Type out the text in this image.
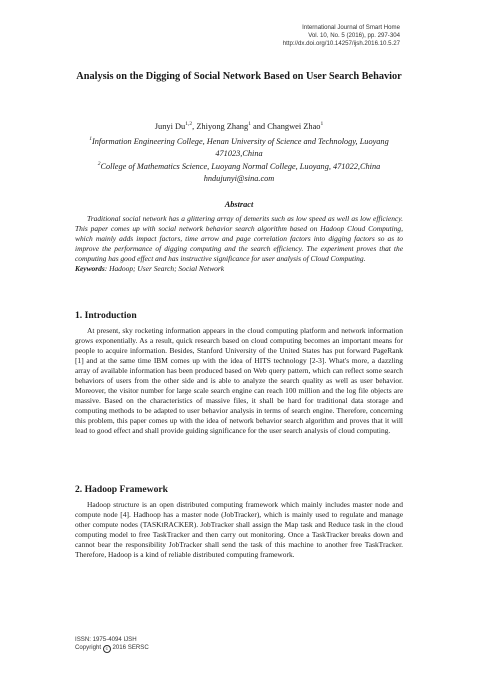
International Journal of Smart Home
Vol. 10, No. 5 (2016), pp. 297-304
http://dx.doi.org/10.14257/ijsh.2016.10.5.27
Analysis on the Digging of Social Network Based on User Search Behavior
Junyi Du$^{1,2}$, Zhiyong Zhang$^1$ and Changwei Zhao$^1$
$^1$Information Engineering College, Henan University of Science and Technology, Luoyang 471023,China
$^2$College of Mathematics Science, Luoyang Normal College, Luoyang, 471022,China
hndujunyi@sina.com
Abstract
Traditional social network has a glittering array of demerits such as low speed as well as low efficiency. This paper comes up with social network behavior search algorithm based on Hadoop Cloud Computing, which mainly adds impact factors, time arrow and page correlation factors into digging factors so as to improve the performance of digging computing and the search efficiency. The experiment proves that the computing has good effect and has instructive significance for user analysis of Cloud Computing.
Keywords: Hadoop; User Search; Social Network
1. Introduction

At present, sky rocketing information appears in the cloud computing platform and network information grows exponentially. As a result, quick research based on cloud computing becomes an important means for people to acquire information. Besides, Stanford University of the United States has put forward PageRank [1] and at the same time IBM comes up with the idea of HITS technology [2-3]. What's more, a dazzling array of available information has been produced based on Web query pattern, which can reflect some search behaviors of users from the other side and is able to analyze the search quality as well as user behavior. Moreover, the visitor number for large scale search engine can reach 100 million and the log file objects are massive. Based on the characteristics of massive files, it shall be hard for traditional data storage and computing methods to be adapted to user behavior analysis in terms of search engine. Therefore, concerning this problem, this paper comes up with the idea of network behavior search algorithm and proves that it will lead to good effect and shall provide guiding significance for the user search analysis of cloud computing.

2. Hadoop Framework

Hadoop structure is an open distributed computing framework which mainly includes master node and compute node [4]. Hadhoop has a master node (JobTracker), which is mainly used to regulate and manage other compute nodes (TASKtRACKER). JobTracker shall assign the Map task and Reduce task in the cloud computing model to free TaskTracker and then carry out monitoring. Once a TaskTracker breaks down and cannot bear the responsibility JobTracker shall send the task of this machine to another free TaskTracker. Therefore, Hadoop is a kind of reliable distributed computing framework.

ISSN: 1975-4094 IJSH
Copyright c 2016 SERSC
